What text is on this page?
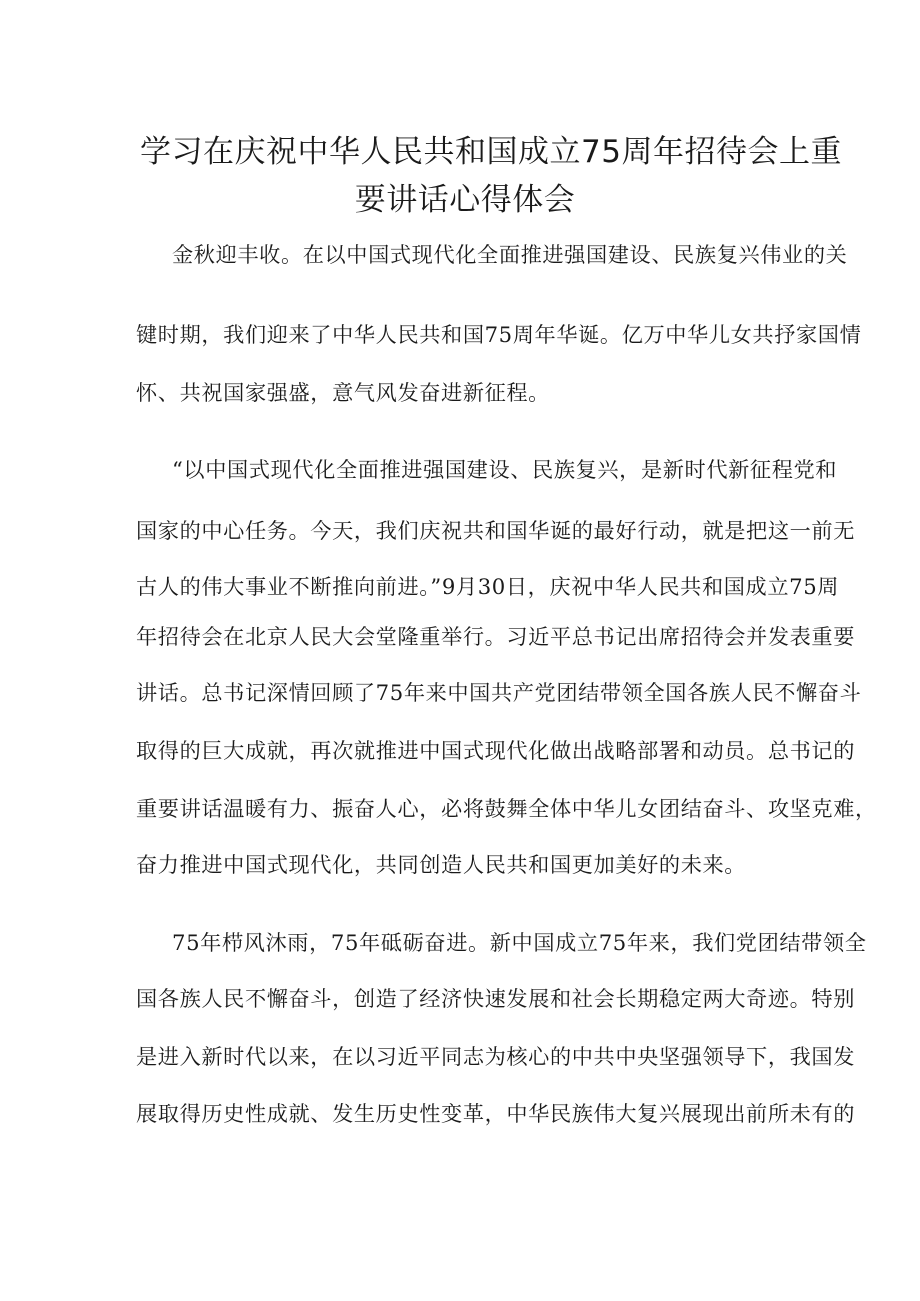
学习在庆祝中华人民共和国成立75周年招待会上重
要讲话心得体会
金秋迎丰收。在以中国式现代化全面推进强国建设、民族复兴伟业的关
键时期，我们迎来了中华人民共和国75周年华诞。亿万中华儿女共抒家国情
怀、共祝国家强盛，意气风发奋进新征程。
“以中国式现代化全面推进强国建设、民族复兴，是新时代新征程党和
国家的中心任务。今天，我们庆祝共和国华诞的最好行动，就是把这一前无
古人的伟大事业不断推向前进。”9月30日，庆祝中华人民共和国成立75周
年招待会在北京人民大会堂隆重举行。习近平总书记出席招待会并发表重要
讲话。总书记深情回顾了75年来中国共产党团结带领全国各族人民不懈奋斗
取得的巨大成就，再次就推进中国式现代化做出战略部署和动员。总书记的
重要讲话温暖有力、振奋人心，必将鼓舞全体中华儿女团结奋斗、攻坚克难，
奋力推进中国式现代化，共同创造人民共和国更加美好的未来。
75年栉风沐雨，75年砥砺奋进。新中国成立75年来，我们党团结带领全
国各族人民不懈奋斗，创造了经济快速发展和社会长期稳定两大奇迹。特别
是进入新时代以来，在以习近平同志为核心的中共中央坚强领导下，我国发
展取得历史性成就、发生历史性变革，中华民族伟大复兴展现出前所未有的
